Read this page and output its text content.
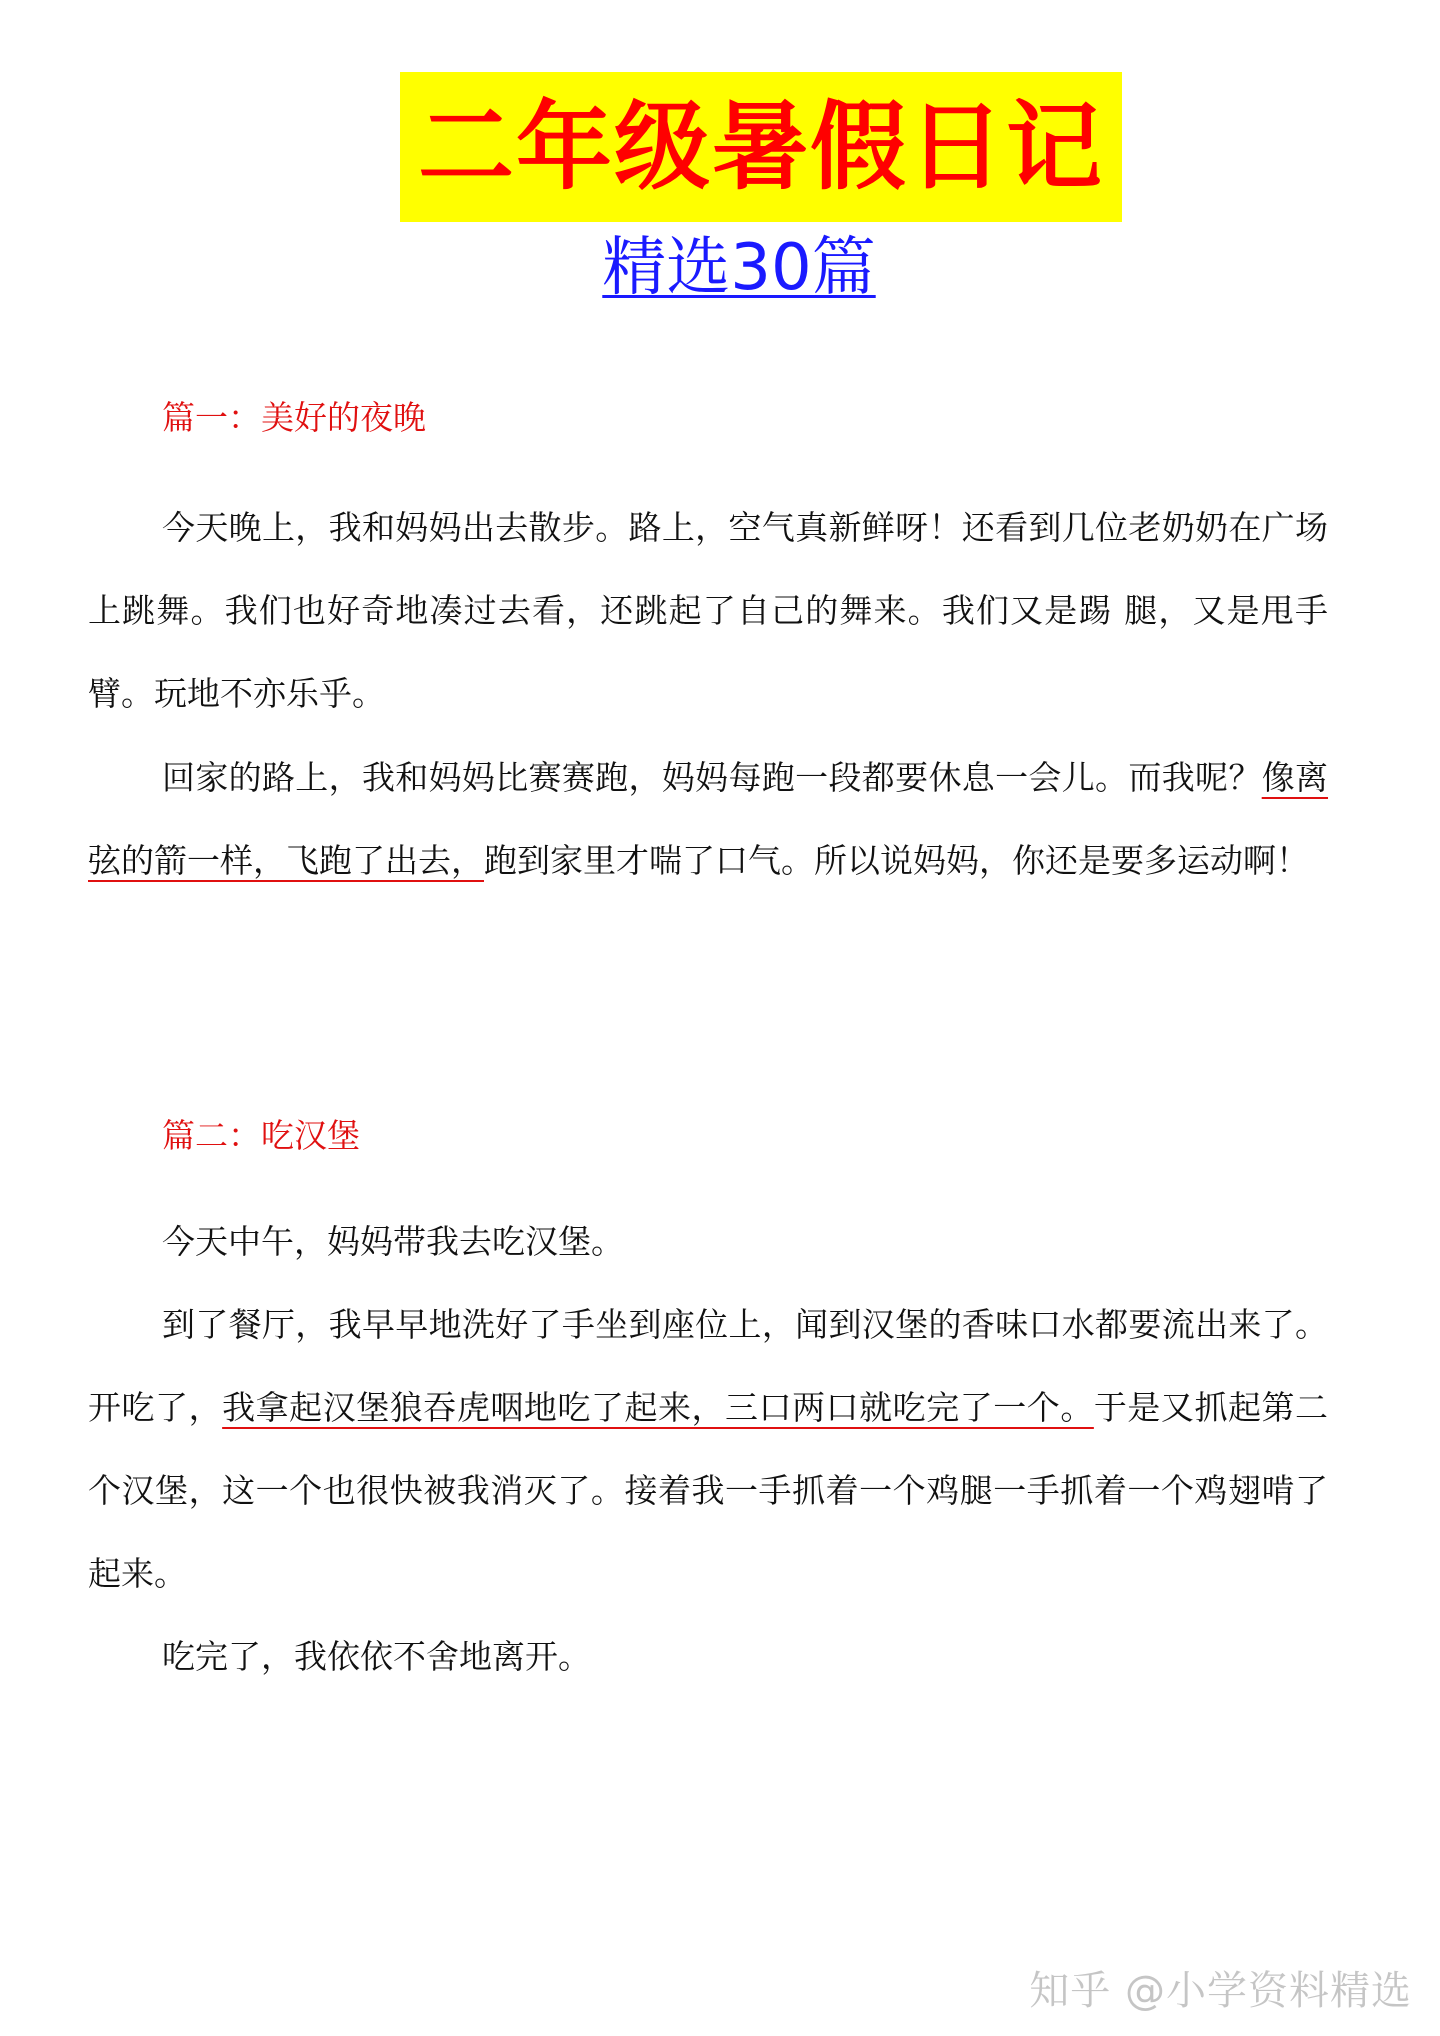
二年级暑假日记
精选30篇
篇一：美好的夜晚

今天晚上，我和妈妈出去散步。路上，空气真新鲜呀！还看到几位老奶奶在广场上跳舞。我们也好奇地凑过去看，还跳起了自己的舞来。我们又是踢 腿，又是甩手臂。玩地不亦乐乎。

回家的路上，我和妈妈比赛赛跑，妈妈每跑一段都要休息一会儿。而我呢？像离弦的箭一样，飞跑了出去，跑到家里才喘了口气。所以说妈妈，你还是要多运动啊！

篇二：吃汉堡

今天中午，妈妈带我去吃汉堡。

到了餐厅，我早早地洗好了手坐到座位上，闻到汉堡的香味口水都要流出来了。开吃了，我拿起汉堡狼吞虎咽地吃了起来，三口两口就吃完了一个。于是又抓起第二个汉堡，这一个也很快被我消灭了。接着我一手抓着一个鸡腿一手抓着一个鸡翅啃了起来。

吃完了，我依依不舍地离开。

知乎 @小学资料精选
